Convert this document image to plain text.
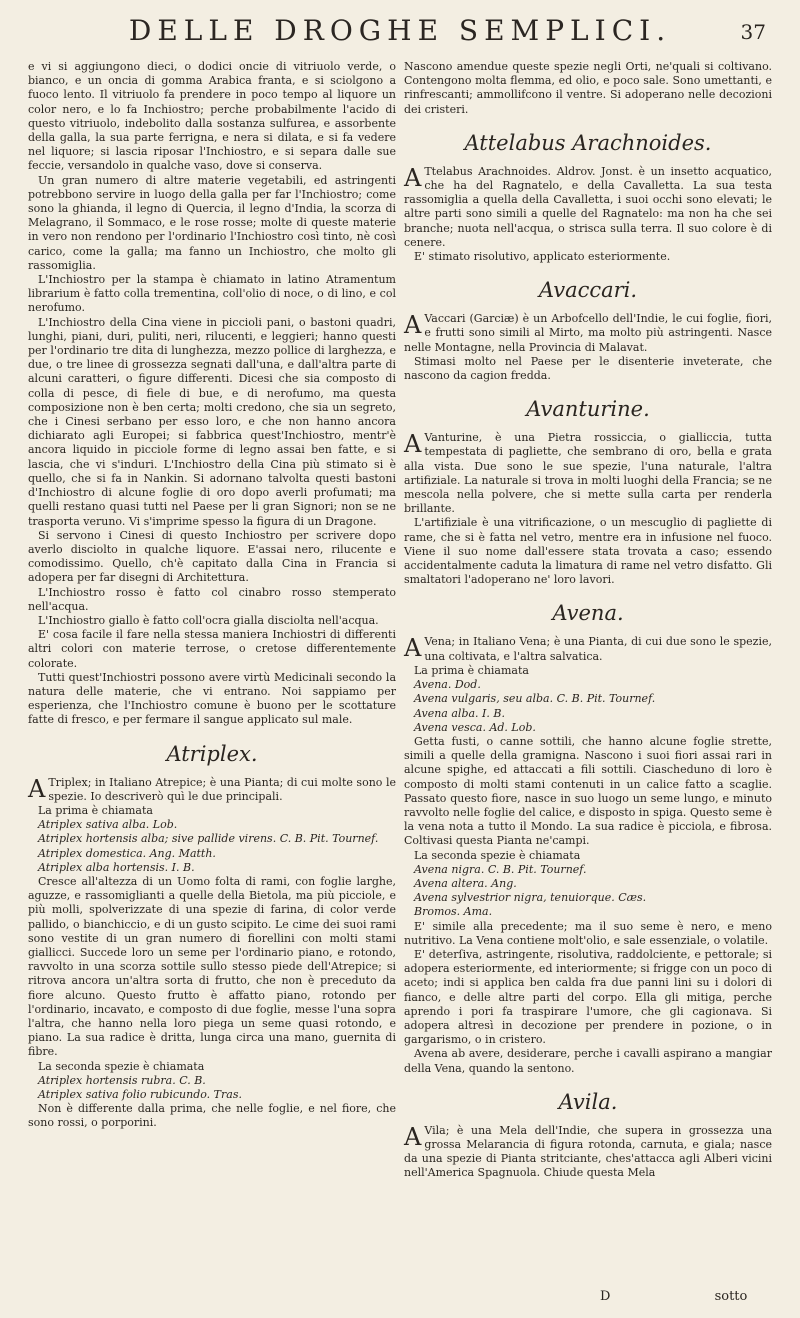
DELLE DROGHE SEMPLICI.	37

e vi si aggiungono dieci, o dodici oncie di vitriuolo verde, o bianco, e un oncia di gomma Arabica franta, e si sciolgono a fuoco lento. Il vitriuolo fa prendere in poco tempo al liquore un color nero, e lo fa Inchiostro; perche probabilmente l'acido di questo vitriuolo, indebolito dalla sostanza sulfurea, e assorbente della galla, la sua parte ferrigna, e nera si dilata, e si fa vedere nel liquore; si lascia riposar l'Inchiostro, e si separa dalle sue feccie, versandolo in qualche vaso, dove si conserva.

Un gran numero di altre materie vegetabili, ed astringenti potrebbono servire in luogo della galla per far l'Inchiostro; come sono la ghianda, il legno di Quercia, il legno d'India, la scorza di Melagrano, il Sommaco, e le rose rosse; molte di queste materie in vero non rendono per l'ordinario l'Inchiostro così tinto, nè così carico, come la galla; ma fanno un Inchiostro, che molto gli rassomiglia.

L'Inchiostro per la stampa è chiamato in latino Atramentum librarium è fatto colla trementina, coll'olio di noce, o di lino, e col nerofumo.

L'Inchiostro della Cina viene in piccioli pani, o bastoni quadri, lunghi, piani, duri, puliti, neri, rilucenti, e leggieri; hanno questi per l'ordinario tre dita di lunghezza, mezzo pollice di larghezza, e due, o tre linee di grossezza segnati dall'una, e dall'altra parte di alcuni caratteri, o figure differenti. Dicesi che sia composto di colla di pesce, di fiele di bue, e di nerofumo, ma questa composizione non è ben certa; molti credono, che sia un segreto, che i Cinesi serbano per esso loro, e che non hanno ancora dichiarato agli Europei; si fabbrica quest'Inchiostro, mentr'è ancora liquido in picciole forme di legno assai ben fatte, e si lascia, che vi s'induri. L'Inchiostro della Cina più stimato si è quello, che si fa in Nankin. Si adornano talvolta questi bastoni d'Inchiostro di alcune foglie di oro dopo averli profumati; ma quelli restano quasi tutti nel Paese per li gran Signori; non se ne trasporta veruno. Vi s'imprime spesso la figura di un Dragone.

Si servono i Cinesi di questo Inchiostro per scrivere dopo averlo disciolto in qualche liquore. E'assai nero, rilucente e comodissimo. Quello, ch'è capitato dalla Cina in Francia si adopera per far disegni di Architettura.

L'Inchiostro rosso è fatto col cinabro rosso stemperato nell'acqua.

L'Inchiostro giallo è fatto coll'ocra gialla disciolta nell'acqua.

E' cosa facile il fare nella stessa maniera Inchiostri di differenti altri colori con materie terrose, o cretose differentemente colorate.

Tutti quest'Inchiostri possono avere virtù Medicinali secondo la natura delle materie, che vi entrano. Noi sappiamo per esperienza, che l'Inchiostro comune è buono per le scottature fatte di fresco, e per fermare il sangue applicato sul male.

Atriplex.

A Triplex; in Italiano Atrepice; è una Pianta; di cui molte sono le spezie. Io descriverò quì le due principali.

La prima è chiamata

Atriplex sativa alba. Lob.

Atriplex hortensis alba; sive pallide virens. C. B. Pit. Tournef.

Atriplex domestica. Ang. Matth.

Atriplex alba hortensis. I. B.

Cresce all'altezza di un Uomo folta di rami, con foglie larghe, aguzze, e rassomiglianti a quelle della Bietola, ma più picciole, e più molli, spolverizzate di una spezie di farina, di color verde pallido, o bianchiccio, e di un gusto scipito. Le cime dei suoi rami sono vestite di un gran numero di fiorellini con molti stami giallicci. Succede loro un seme per l'ordinario piano, e rotondo, ravvolto in una scorza sottile sullo stesso piede dell'Atrepice; si ritrova ancora un'altra sorta di frutto, che non è preceduto da fiore alcuno. Questo frutto è affatto piano, rotondo per l'ordinario, incavato, e composto di due foglie, messe l'una sopra l'altra, che hanno nella loro piega un seme quasi rotondo, e piano. La sua radice è dritta, lunga circa una mano, guernita di fibre.

La seconda spezie è chiamata

Atriplex hortensis rubra. C. B.

Atriplex sativa folio rubicundo. Tras.

Non è differente dalla prima, che nelle foglie, e nel fiore, che sono rossi, o porporini.

Nascono amendue queste spezie negli Orti, ne'quali si coltivano. Contengono molta flemma, ed olio, e poco sale. Sono umettanti, e rinfrescanti; ammollifcono il ventre. Si adoperano nelle decozioni dei cristeri.

Attelabus Arachnoides.

A Ttelabus Arachnoides. Aldrov. Jonst. è un insetto acquatico, che ha del Ragnatelo, e della Cavalletta. La sua testa rassomiglia a quella della Cavalletta, i suoi occhi sono elevati; le altre parti sono simili a quelle del Ragnatelo: ma non ha che sei branche; nuota nell'acqua, o strisca sulla terra. Il suo colore è di cenere.

E' stimato risolutivo, applicato esteriormente.

Avaccari.

A Vaccari (Garciæ) è un Arbofcello dell'Indie, le cui foglie, fiori, e frutti sono simili al Mirto, ma molto più astringenti. Nasce nelle Montagne, nella Provincia di Malavat.

Stimasi molto nel Paese per le disenterie inveterate, che nascono da cagion fredda.

Avanturine.

A Vanturine, è una Pietra rossiccia, o gialliccia, tutta tempestata di pagliette, che sembrano di oro, bella e grata alla vista. Due sono le sue spezie, l'una naturale, l'altra artifiziale. La naturale si trova in molti luoghi della Francia; se ne mescola nella polvere, che si mette sulla carta per renderla brillante.

L'artifiziale è una vitrificazione, o un mescuglio di pagliette di rame, che si è fatta nel vetro, mentre era in infusione nel fuoco. Viene il suo nome dall'essere stata trovata a caso; essendo accidentalmente caduta la limatura di rame nel vetro disfatto. Gli smaltatori l'adoperano ne' loro lavori.

Avena.

A Vena; in Italiano Vena; è una Pianta, di cui due sono le spezie, una coltivata, e l'altra salvatica.

La prima è chiamata

Avena. Dod.

Avena vulgaris, seu alba. C. B. Pit. Tournef.

Avena alba. I. B.

Avena vesca. Ad. Lob.

Getta fusti, o canne sottili, che hanno alcune foglie strette, simili a quelle della gramigna. Nascono i suoi fiori assai rari in alcune spighe, ed attaccati a fili sottili. Ciascheduno di loro è composto di molti stami contenuti in un calice fatto a scaglie. Passato questo fiore, nasce in suo luogo un seme lungo, e minuto ravvolto nelle foglie del calice, e disposto in spiga. Questo seme è la vena nota a tutto il Mondo. La sua radice è picciola, e fibrosa. Coltivasi questa Pianta ne'campi.

La seconda spezie è chiamata

Avena nigra. C. B. Pit. Tournef.

Avena altera. Ang.

Avena sylvestrior nigra, tenuiorque. Cæs.

Bromos. Ama.

E' simile alla precedente; ma il suo seme è nero, e meno nutritivo. La Vena contiene molt'olio, e sale essenziale, o volatile.

E' deterſiva, astringente, risolutiva, raddolciente, e pettorale; si adopera esteriormente, ed interiormente; si frigge con un poco di aceto; indi si applica ben calda fra due panni lini su i dolori di fianco, e delle altre parti del corpo. Ella gli mitiga, perche aprendo i pori fa traspirare l'umore, che gli cagionava. Si adopera altresì in decozione per prendere in pozione, o in gargarismo, o in cristero.

Avena ab avere, desiderare, perche i cavalli aspirano a mangiar della Vena, quando la sentono.

Avila.

A Vila; è una Mela dell'Indie, che supera in grossezza una grossa Melarancia di figura rotonda, carnuta, e giala; nasce da una spezie di Pianta stritciante, ches'attacca agli Alberi vicini nell'America Spagnuola. Chiude questa Mela

D	sotto
